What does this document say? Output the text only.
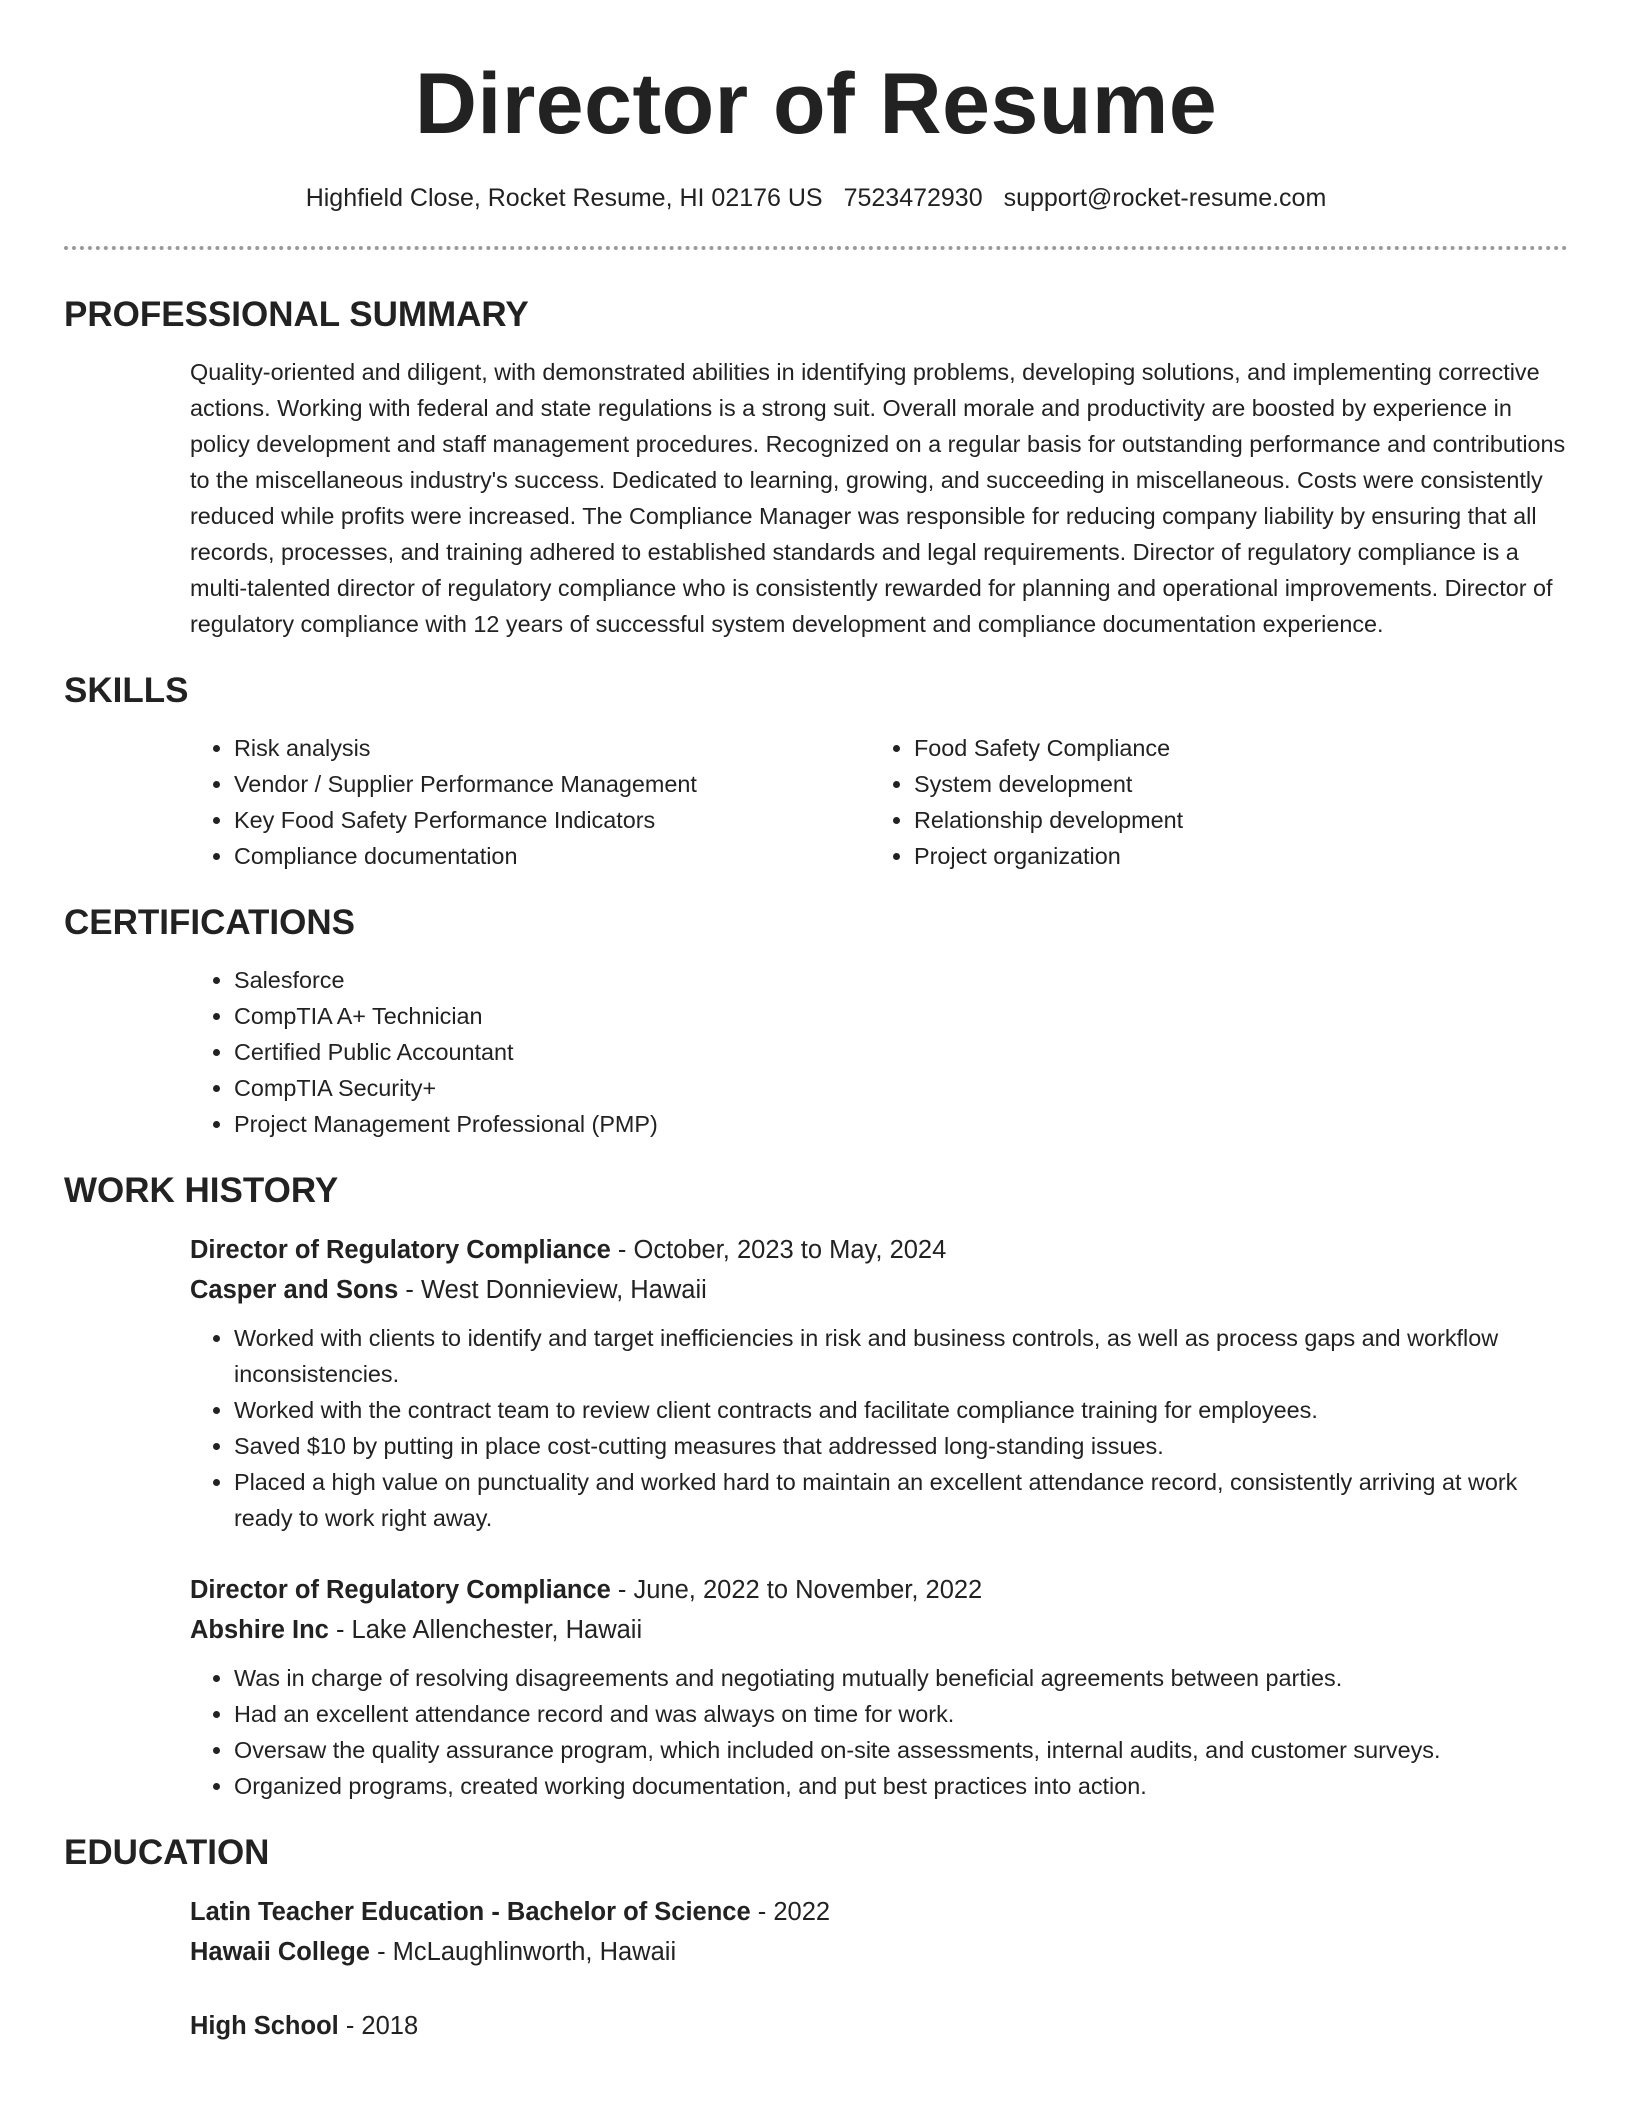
Director of Resume
Highfield Close, Rocket Resume, HI 02176 US 7523472930 support@rocket-resume.com
PROFESSIONAL SUMMARY
Quality-oriented and diligent, with demonstrated abilities in identifying problems, developing solutions, and implementing corrective actions. Working with federal and state regulations is a strong suit. Overall morale and productivity are boosted by experience in policy development and staff management procedures. Recognized on a regular basis for outstanding performance and contributions to the miscellaneous industry's success. Dedicated to learning, growing, and succeeding in miscellaneous. Costs were consistently reduced while profits were increased. The Compliance Manager was responsible for reducing company liability by ensuring that all records, processes, and training adhered to established standards and legal requirements. Director of regulatory compliance is a multi-talented director of regulatory compliance who is consistently rewarded for planning and operational improvements. Director of regulatory compliance with 12 years of successful system development and compliance documentation experience.
SKILLS
• Risk analysis
• Vendor / Supplier Performance Management
• Key Food Safety Performance Indicators
• Compliance documentation
• Food Safety Compliance
• System development
• Relationship development
• Project organization
CERTIFICATIONS
• Salesforce
• CompTIA A+ Technician
• Certified Public Accountant
• CompTIA Security+
• Project Management Professional (PMP)
WORK HISTORY
Director of Regulatory Compliance - October, 2023 to May, 2024
Casper and Sons - West Donnieview, Hawaii
• Worked with clients to identify and target inefficiencies in risk and business controls, as well as process gaps and workflow inconsistencies.
• Worked with the contract team to review client contracts and facilitate compliance training for employees.
• Saved $10 by putting in place cost-cutting measures that addressed long-standing issues.
• Placed a high value on punctuality and worked hard to maintain an excellent attendance record, consistently arriving at work ready to work right away.
Director of Regulatory Compliance - June, 2022 to November, 2022
Abshire Inc - Lake Allenchester, Hawaii
• Was in charge of resolving disagreements and negotiating mutually beneficial agreements between parties.
• Had an excellent attendance record and was always on time for work.
• Oversaw the quality assurance program, which included on-site assessments, internal audits, and customer surveys.
• Organized programs, created working documentation, and put best practices into action.
EDUCATION
Latin Teacher Education - Bachelor of Science - 2022
Hawaii College - McLaughlinworth, Hawaii
High School - 2018
